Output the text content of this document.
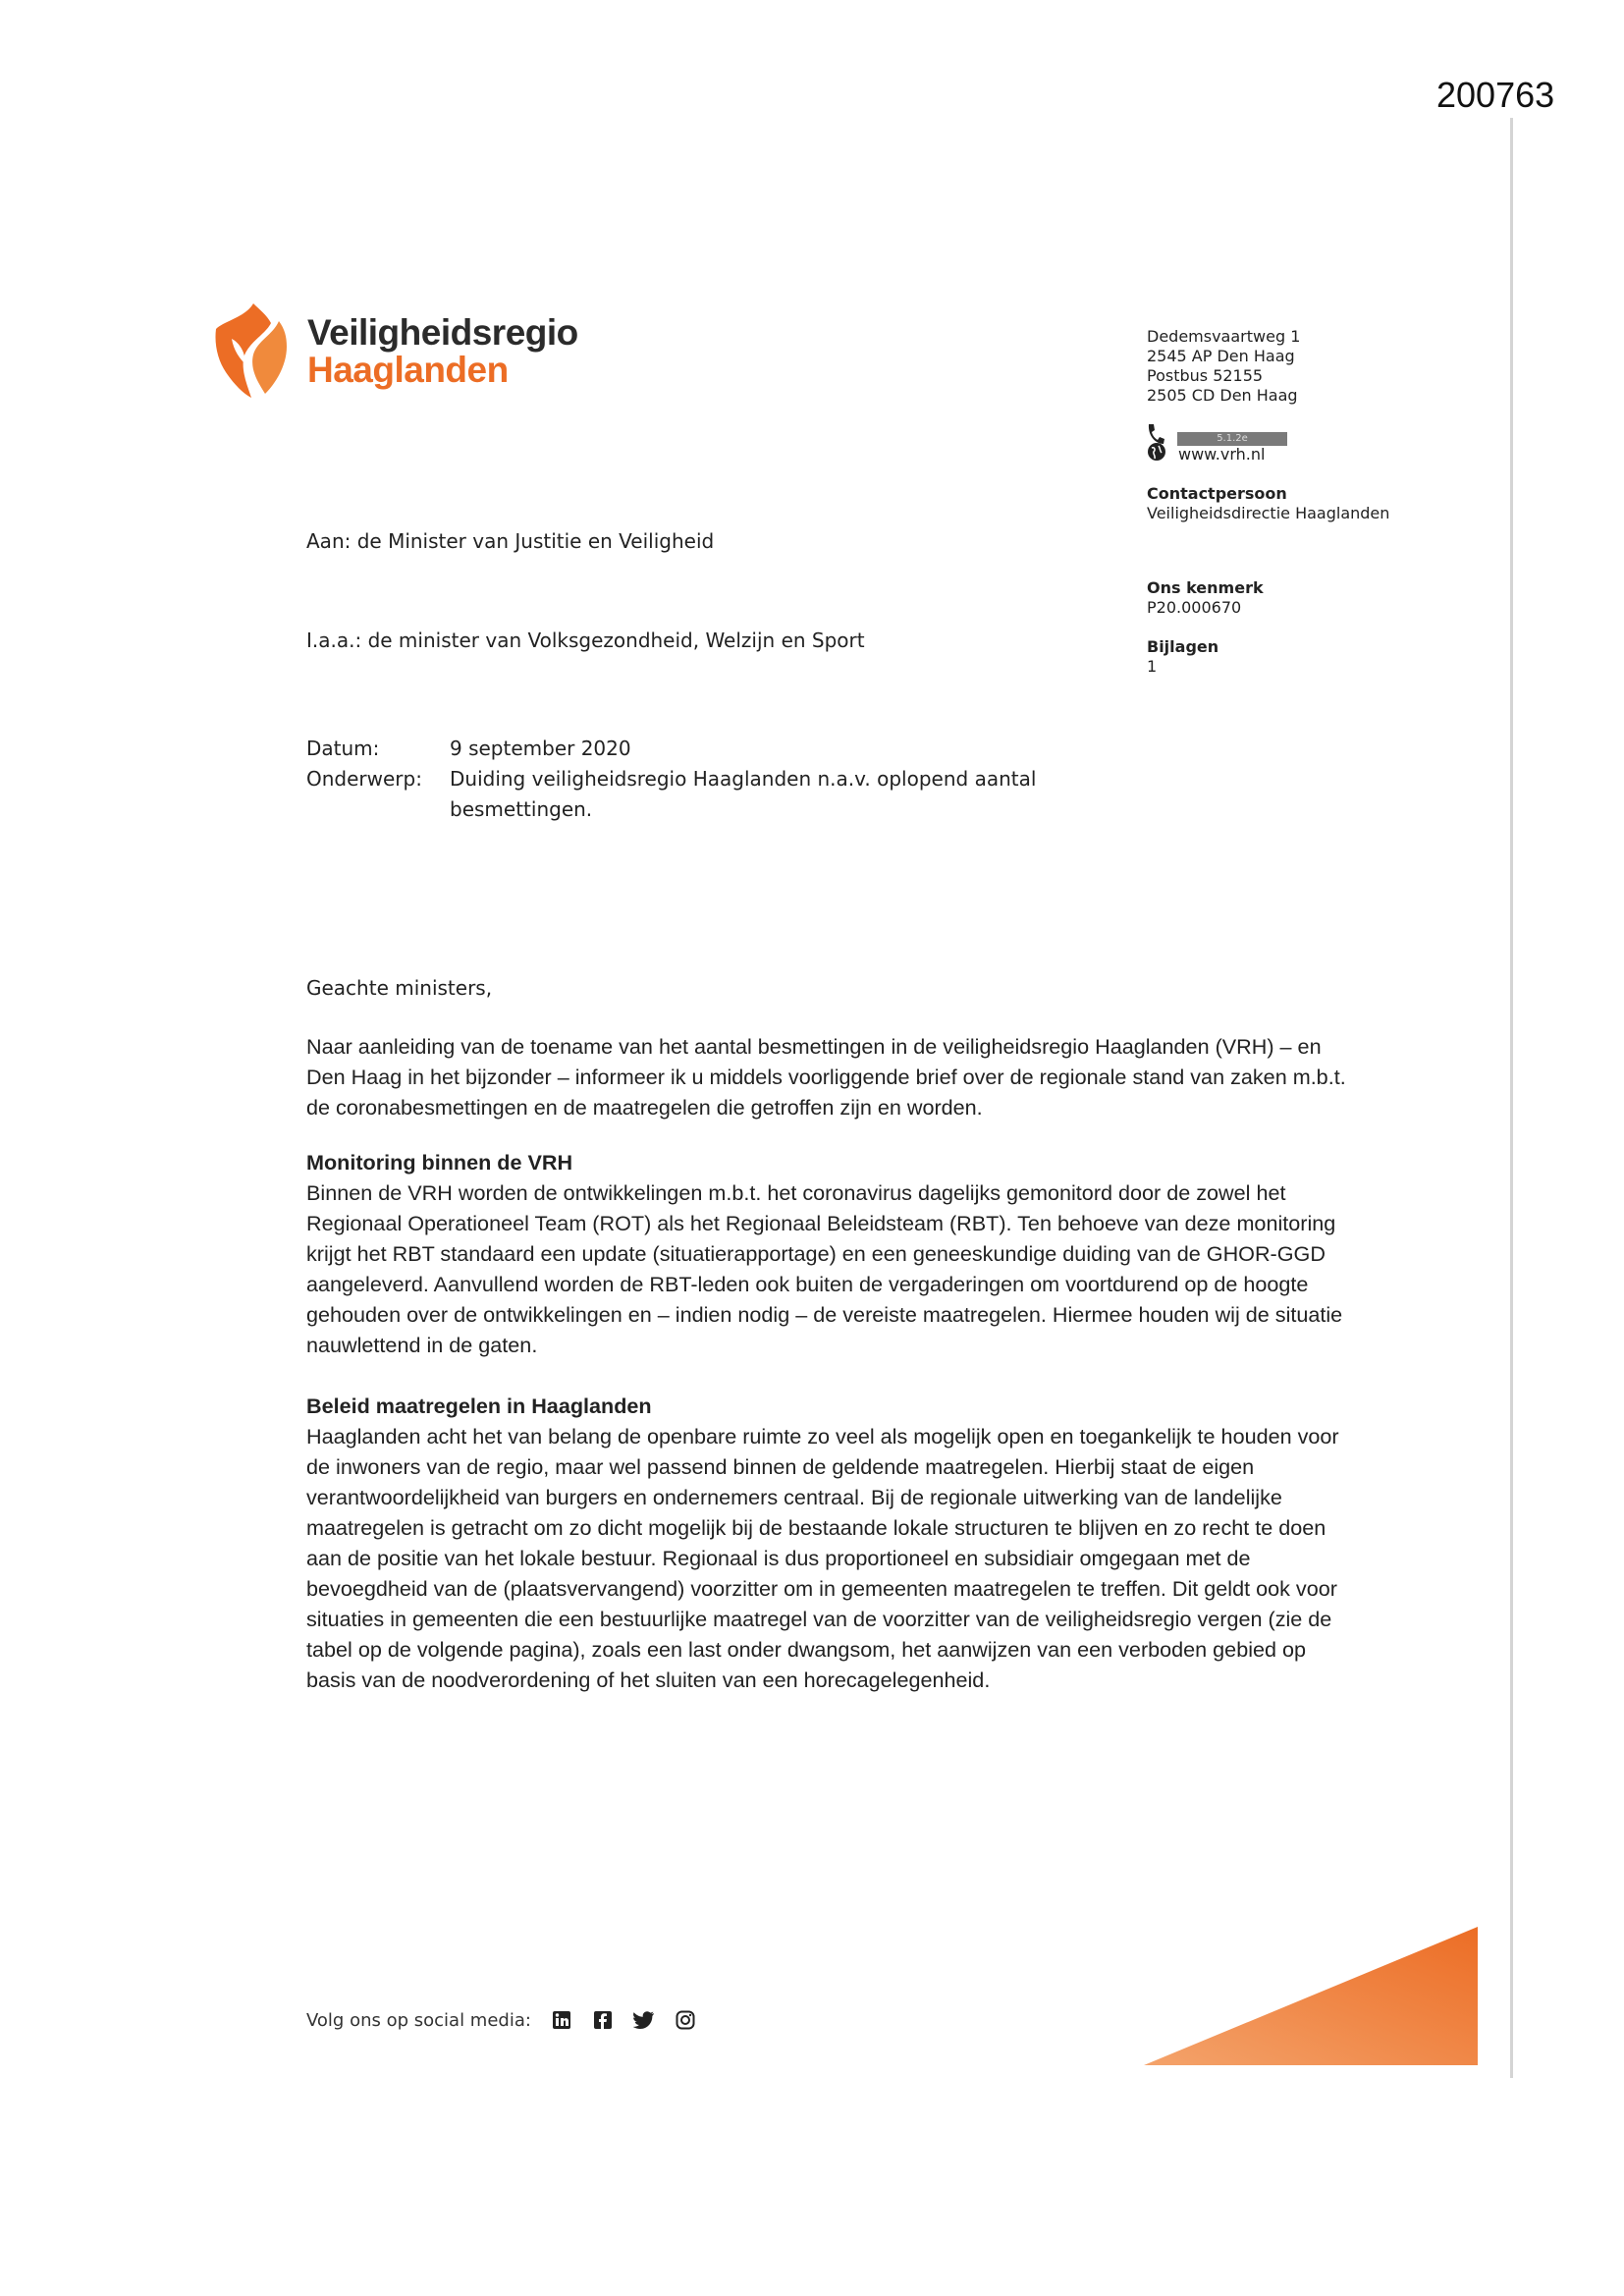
200763
Veiligheidsregio
Haaglanden
Dedemsvaartweg 1
2545 AP Den Haag
Postbus 52155
2505 CD Den Haag
5.1.2e
www.vrh.nl
Contactpersoon
Veiligheidsdirectie Haaglanden
Ons kenmerk
P20.000670
Bijlagen
1
Aan: de Minister van Justitie en Veiligheid
I.a.a.: de minister van Volksgezondheid, Welzijn en Sport
Datum:	9 september 2020
Onderwerp:	Duiding veiligheidsregio Haaglanden n.a.v. oplopend aantal besmettingen.
Geachte ministers,

Naar aanleiding van de toename van het aantal besmettingen in de veiligheidsregio Haaglanden (VRH) – en Den Haag in het bijzonder – informeer ik u middels voorliggende brief over de regionale stand van zaken m.b.t. de coronabesmettingen en de maatregelen die getroffen zijn en worden.

Monitoring binnen de VRH

Binnen de VRH worden de ontwikkelingen m.b.t. het coronavirus dagelijks gemonitord door de zowel het Regionaal Operationeel Team (ROT) als het Regionaal Beleidsteam (RBT). Ten behoeve van deze monitoring krijgt het RBT standaard een update (situatierapportage) en een geneeskundige duiding van de GHOR-GGD aangeleverd. Aanvullend worden de RBT-leden ook buiten de vergaderingen om voortdurend op de hoogte gehouden over de ontwikkelingen en – indien nodig – de vereiste maatregelen. Hiermee houden wij de situatie nauwlettend in de gaten.

Beleid maatregelen in Haaglanden

Haaglanden acht het van belang de openbare ruimte zo veel als mogelijk open en toegankelijk te houden voor de inwoners van de regio, maar wel passend binnen de geldende maatregelen. Hierbij staat de eigen verantwoordelijkheid van burgers en ondernemers centraal. Bij de regionale uitwerking van de landelijke maatregelen is getracht om zo dicht mogelijk bij de bestaande lokale structuren te blijven en zo recht te doen aan de positie van het lokale bestuur. Regionaal is dus proportioneel en subsidiair omgegaan met de bevoegdheid van de (plaatsvervangend) voorzitter om in gemeenten maatregelen te treffen. Dit geldt ook voor situaties in gemeenten die een bestuurlijke maatregel van de voorzitter van de veiligheidsregio vergen (zie de tabel op de volgende pagina), zoals een last onder dwangsom, het aanwijzen van een verboden gebied op basis van de noodverordening of het sluiten van een horecagelegenheid.

Volg ons op social media:
